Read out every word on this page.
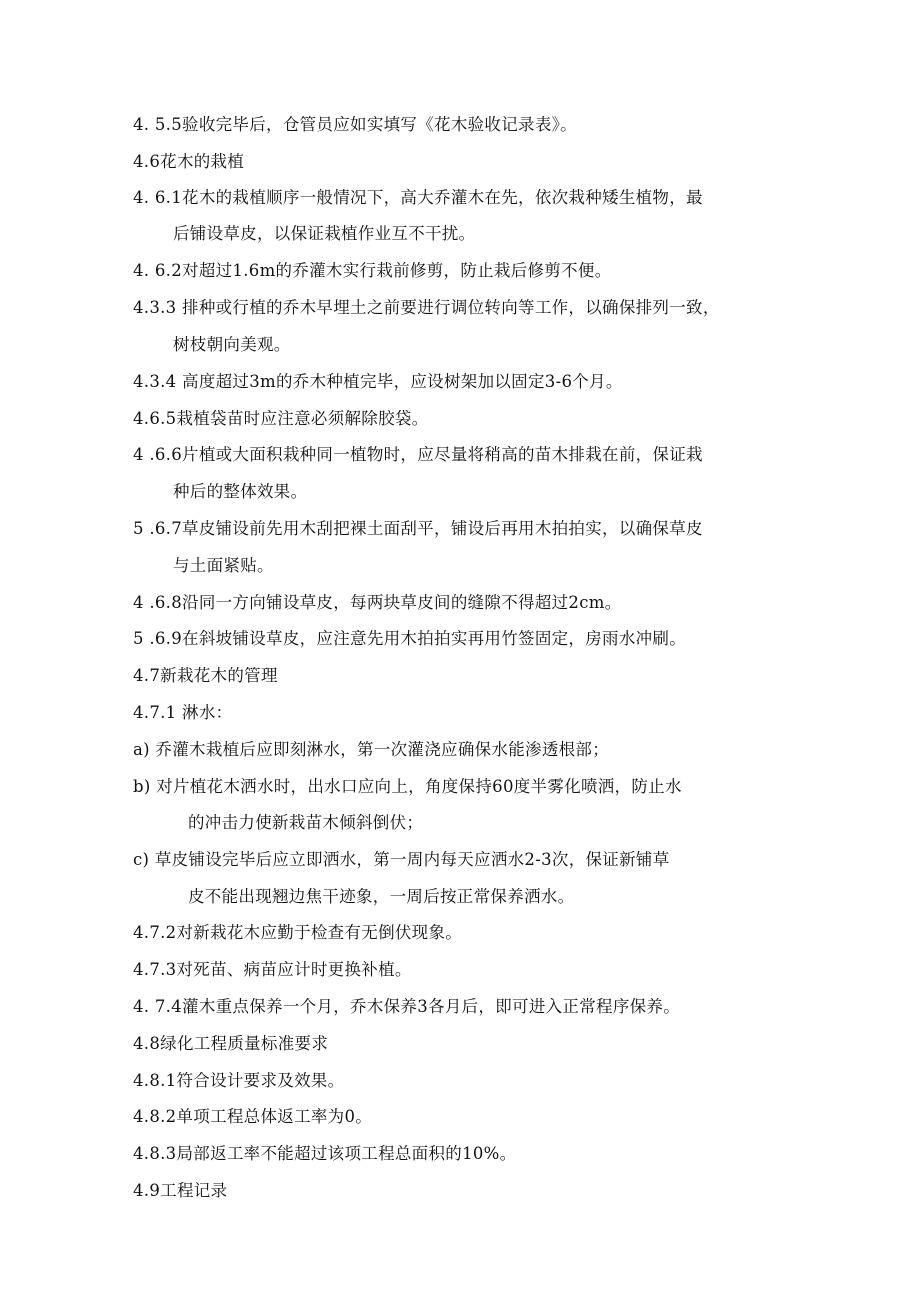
4. 5.5验收完毕后，仓管员应如实填写《花木验收记录表》。
4.6花木的栽植
4. 6.1花木的栽植顺序一般情况下，高大乔灌木在先，依次栽种矮生植物，最
后铺设草皮，以保证栽植作业互不干扰。
4. 6.2对超过1.6m的乔灌木实行栽前修剪，防止栽后修剪不便。
4.3.3 排种或行植的乔木早埋土之前要进行调位转向等工作，以确保排列一致，
树枝朝向美观。
4.3.4 高度超过3m的乔木种植完毕，应设树架加以固定3-6个月。
4.6.5栽植袋苗时应注意必须解除胶袋。
4 .6.6片植或大面积栽种同一植物时，应尽量将稍高的苗木排栽在前，保证栽
种后的整体效果。
5 .6.7草皮铺设前先用木刮把裸土面刮平，铺设后再用木拍拍实，以确保草皮
与土面紧贴。
4 .6.8沿同一方向铺设草皮，每两块草皮间的缝隙不得超过2cm。
5 .6.9在斜坡铺设草皮，应注意先用木拍拍实再用竹签固定，房雨水冲刷。
4.7新栽花木的管理
4.7.1 淋水：
a) 乔灌木栽植后应即刻淋水，第一次灌浇应确保水能渗透根部；
b) 对片植花木洒水时，出水口应向上，角度保持60度半雾化喷洒，防止水
的冲击力使新栽苗木倾斜倒伏；
c) 草皮铺设完毕后应立即洒水，第一周内每天应洒水2-3次，保证新铺草
皮不能出现翘边焦干迹象，一周后按正常保养洒水。
4.7.2对新栽花木应勤于检查有无倒伏现象。
4.7.3对死苗、病苗应计时更换补植。
4. 7.4灌木重点保养一个月，乔木保养3各月后，即可进入正常程序保养。
4.8绿化工程质量标准要求
4.8.1符合设计要求及效果。
4.8.2单项工程总体返工率为0。
4.8.3局部返工率不能超过该项工程总面积的10%。
4.9工程记录
